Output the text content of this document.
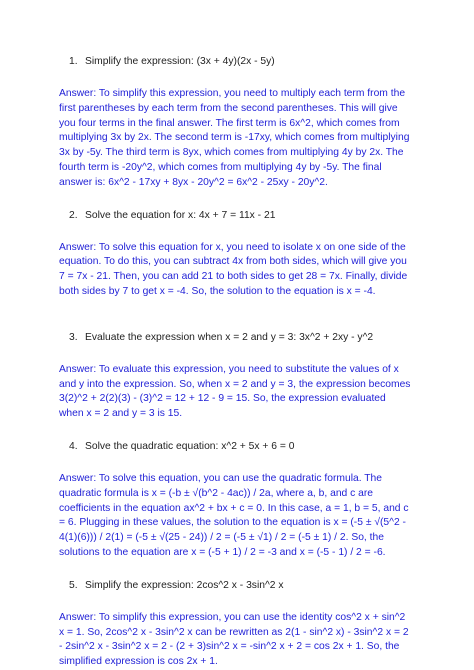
1. Simplify the expression: (3x + 4y)(2x - 5y)

Answer: To simplify this expression, you need to multiply each term from the first parentheses by each term from the second parentheses. This will give you four terms in the final answer. The first term is 6x^2, which comes from multiplying 3x by 2x. The second term is -17xy, which comes from multiplying 3x by -5y. The third term is 8yx, which comes from multiplying 4y by 2x. The fourth term is -20y^2, which comes from multiplying 4y by -5y. The final answer is: 6x^2 - 17xy + 8yx - 20y^2 = 6x^2 - 25xy - 20y^2.

2. Solve the equation for x: 4x + 7 = 11x - 21

Answer: To solve this equation for x, you need to isolate x on one side of the equation. To do this, you can subtract 4x from both sides, which will give you 7 = 7x - 21. Then, you can add 21 to both sides to get 28 = 7x. Finally, divide both sides by 7 to get x = -4. So, the solution to the equation is x = -4.

3. Evaluate the expression when x = 2 and y = 3: 3x^2 + 2xy - y^2

Answer: To evaluate this expression, you need to substitute the values of x and y into the expression. So, when x = 2 and y = 3, the expression becomes 3(2)^2 + 2(2)(3) - (3)^2 = 12 + 12 - 9 = 15. So, the expression evaluated when x = 2 and y = 3 is 15.

4. Solve the quadratic equation: x^2 + 5x + 6 = 0

Answer: To solve this equation, you can use the quadratic formula. The quadratic formula is x = (-b ± √(b^2 - 4ac)) / 2a, where a, b, and c are coefficients in the equation ax^2 + bx + c = 0. In this case, a = 1, b = 5, and c = 6. Plugging in these values, the solution to the equation is x = (-5 ± √(5^2 - 4(1)(6))) / 2(1) = (-5 ± √(25 - 24)) / 2 = (-5 ± √1) / 2 = (-5 ± 1) / 2. So, the solutions to the equation are x = (-5 + 1) / 2 = -3 and x = (-5 - 1) / 2 = -6.

5. Simplify the expression: 2cos^2 x - 3sin^2 x

Answer: To simplify this expression, you can use the identity cos^2 x + sin^2 x = 1. So, 2cos^2 x - 3sin^2 x can be rewritten as 2(1 - sin^2 x) - 3sin^2 x = 2 - 2sin^2 x - 3sin^2 x = 2 - (2 + 3)sin^2 x = -sin^2 x + 2 = cos 2x + 1. So, the simplified expression is cos 2x + 1.
